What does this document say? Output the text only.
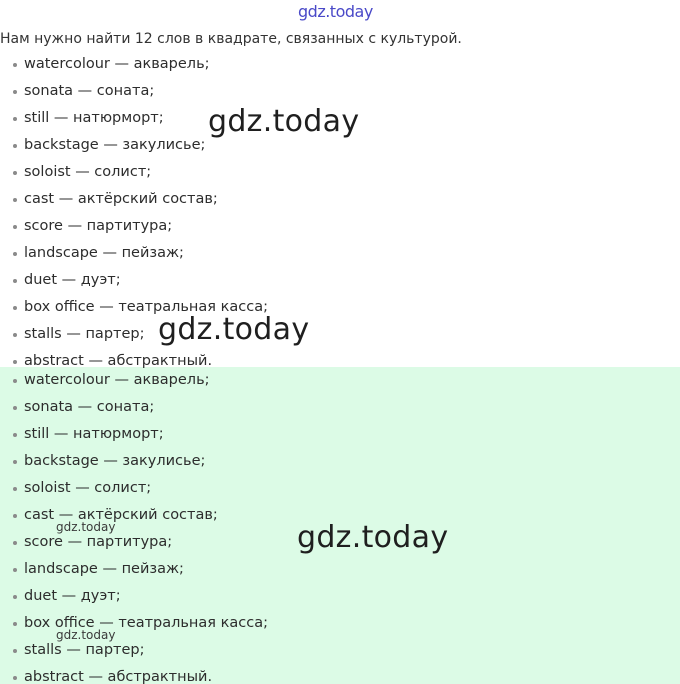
gdz.today
Нам нужно найти 12 слов в квадрате, связанных с культурой.
watercolour — акварель;
sonata — соната;
still — натюрморт;
backstage — закулисье;
soloist — солист;
cast — актёрский состав;
score — партитура;
landscape — пейзаж;
duet — дуэт;
box office — театральная касса;
stalls — партер;
abstract — абстрактный.
watercolour — акварель;
sonata — соната;
still — натюрморт;
backstage — закулисье;
soloist — солист;
cast — актёрский состав;
score — партитура;
landscape — пейзаж;
duet — дуэт;
box office — театральная касса;
stalls — партер;
abstract — абстрактный.
gdz.today
gdz.today
gdz.today
gdz.today
gdz.today
